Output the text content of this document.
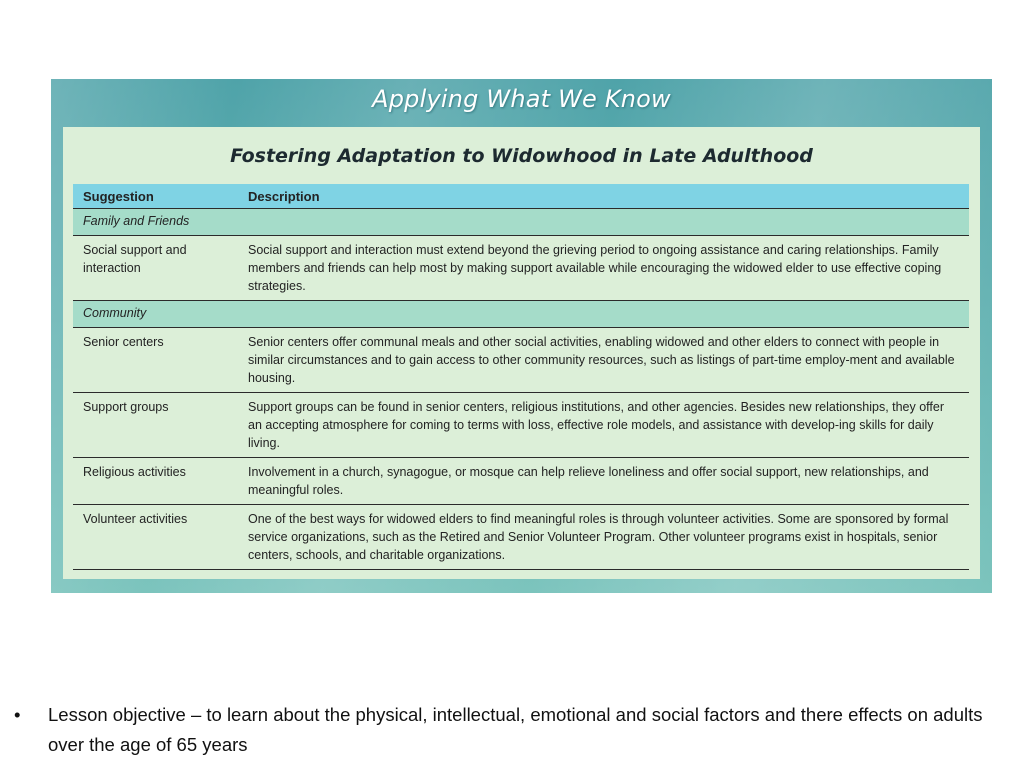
Applying What We Know
Fostering Adaptation to Widowhood in Late Adulthood
Suggestion	Description
Family and Friends	
Social support and interaction	Social support and interaction must extend beyond the grieving period to ongoing assistance and caring relationships. Family members and friends can help most by making support available while encouraging the widowed elder to use effective coping strategies.
Community	
Senior centers	Senior centers offer communal meals and other social activities, enabling widowed and other elders to connect with people in similar circumstances and to gain access to other community resources, such as listings of part-time employ-ment and available housing.
Support groups	Support groups can be found in senior centers, religious institutions, and other agencies. Besides new relationships, they offer an accepting atmosphere for coming to terms with loss, effective role models, and assistance with develop-ing skills for daily living.
Religious activities	Involvement in a church, synagogue, or mosque can help relieve loneliness and offer social support, new relationships, and meaningful roles.
Volunteer activities	One of the best ways for widowed elders to find meaningful roles is through volunteer activities. Some are sponsored by formal service organizations, such as the Retired and Senior Volunteer Program. Other volunteer programs exist in hospitals, senior centers, schools, and charitable organizations.
• Lesson objective – to learn about the physical, intellectual, emotional and social factors and there effects on adults over the age of 65 years
